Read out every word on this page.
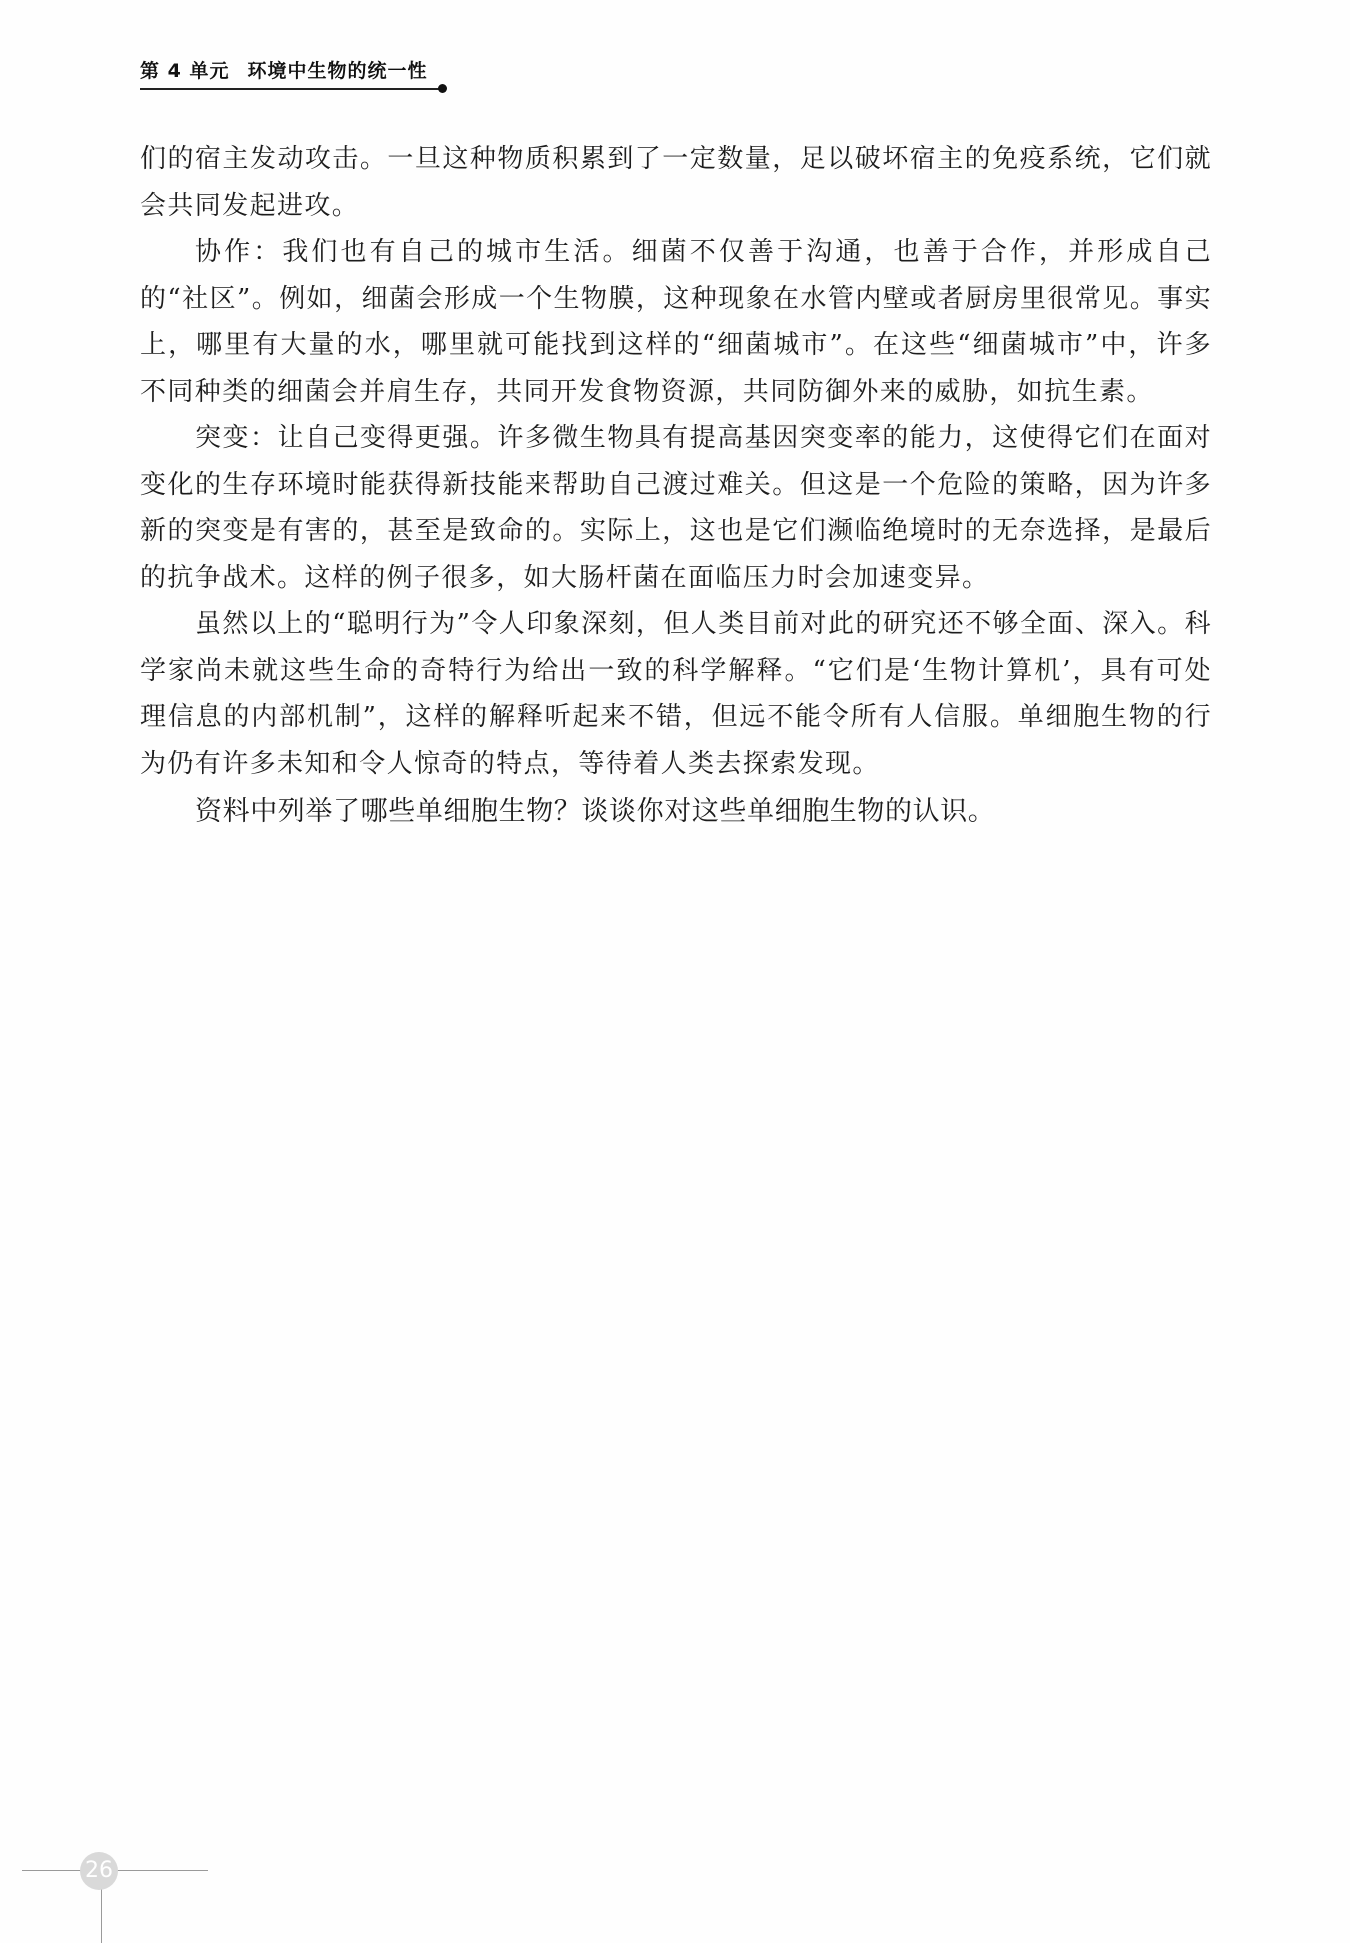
第 4 单元 环境中生物的统一性

们的宿主发动攻击。一旦这种物质积累到了一定数量，足以破坏宿主的免疫系统，它们就会共同发起进攻。

协作：我们也有自己的城市生活。细菌不仅善于沟通，也善于合作，并形成自己的“社区”。例如，细菌会形成一个生物膜，这种现象在水管内壁或者厨房里很常见。事实上，哪里有大量的水，哪里就可能找到这样的“细菌城市”。在这些“细菌城市”中，许多不同种类的细菌会并肩生存，共同开发食物资源，共同防御外来的威胁，如抗生素。

突变：让自己变得更强。许多微生物具有提高基因突变率的能力，这使得它们在面对变化的生存环境时能获得新技能来帮助自己渡过难关。但这是一个危险的策略，因为许多新的突变是有害的，甚至是致命的。实际上，这也是它们濒临绝境时的无奈选择，是最后的抗争战术。这样的例子很多，如大肠杆菌在面临压力时会加速变异。

虽然以上的“聪明行为”令人印象深刻，但人类目前对此的研究还不够全面、深入。科学家尚未就这些生命的奇特行为给出一致的科学解释。“它们是‘生物计算机’，具有可处理信息的内部机制”，这样的解释听起来不错，但远不能令所有人信服。单细胞生物的行为仍有许多未知和令人惊奇的特点，等待着人类去探索发现。

资料中列举了哪些单细胞生物？谈谈你对这些单细胞生物的认识。

26
